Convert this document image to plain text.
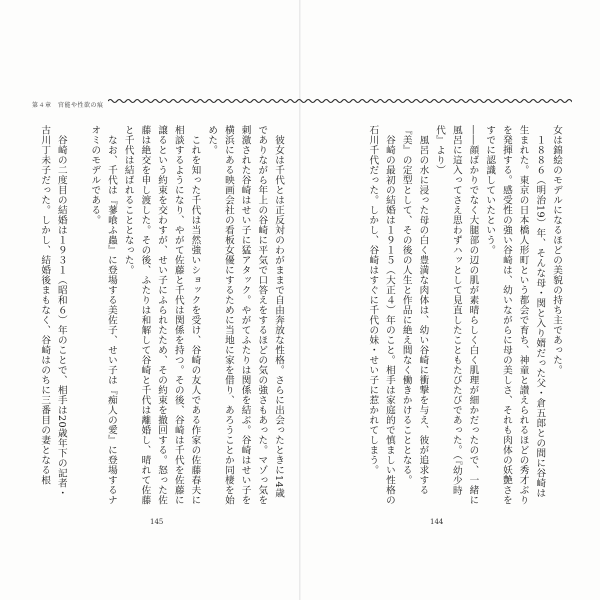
第４章　官能や性欲の痕

女は錦絵のモデルになるほどの美貌の持ち主であった。

１８８６（明治19）年、そんな母・関と入り婿だった父・倉五郎との間に谷崎は生まれた。東京の日本橋人形町という都会で育ち、神童と讃えられるほどの秀才ぶりを発揮する。感受性の強い谷崎は、幼いながらに母の美しさ、それも肉体の妖艶さをすでに認識していたという。

――顔ばかりでなく大腿部の辺の肌が素晴らしく白く肌理が細かだったので、一緒に風呂に這入ってさえ思わずハッとして見直したこともたびたびであった。（『幼少時代』より）

風呂の水に浸った母の白く豊満な肉体は、幼い谷崎に衝撃を与え、彼が追求する『美』の定型として、その後の人生と作品に絶え間なく働きかけることとなる。

谷崎の最初の結婚は１９１５（大正４）年のこと。相手は家庭的で慎ましい性格の石川千代だった。しかし、谷崎はすぐに千代の妹・せい子に惹かれてしまう。

彼女は千代とは正反対のわがままで自由奔放な性格。さらに出会ったときに14歳でありながら年上の谷崎に平気で口答えをするほどの気の強さもあった。マゾっ気を刺激された谷崎はせい子に猛アタック。やがてふたりは関係を結ぶ。谷崎はせい子を横浜にある映画会社の看板女優にするために当地に家を借り、あろうことか同棲を始めた。

これを知った千代は当然強いショックを受け、谷崎の友人である作家の佐藤春夫に相談するようになり、やがて佐藤と千代は関係を持つ。その後、谷崎は千代を佐藤に譲るという約束を交わすが、せい子にふられたため、その約束を撤回する。怒った佐藤は絶交を申し渡した。その後、ふたりは和解して谷崎と千代は離婚し、晴れて佐藤と千代は結ばれることとなった。

なお、千代は『蓼喰ふ蟲』に登場する美佐子、せい子は『痴人の愛』に登場するナオミのモデルである。

谷崎の二度目の結婚は１９３１（昭和６）年のことで、相手は20歳年下の記者・古川丁未子だった。しかし、結婚後まもなく、谷崎はのちに三番目の妻となる根

145	144
